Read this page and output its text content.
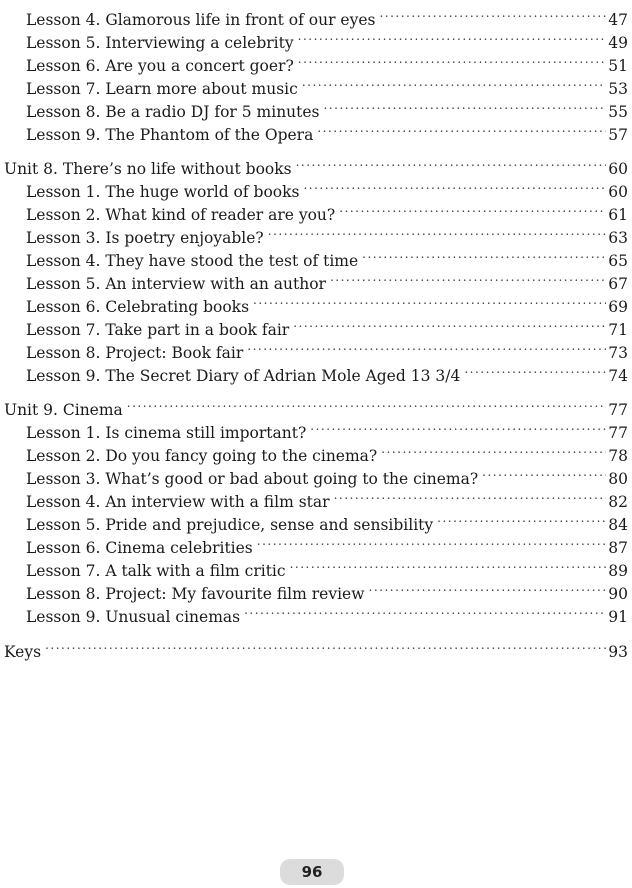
Lesson 4. Glamorous life in front of our eyes .....	47
Lesson 5. Interviewing a celebrity .....	49
Lesson 6. Are you a concert goer? .....	51
Lesson 7. Learn more about music .....	53
Lesson 8. Be a radio DJ for 5 minutes .....	55
Lesson 9. The Phantom of the Opera .....	57
Unit 8. There’s no life without books .....	60
Lesson 1. The huge world of books .....	60
Lesson 2. What kind of reader are you? .....	61
Lesson 3. Is poetry enjoyable? .....	63
Lesson 4. They have stood the test of time .....	65
Lesson 5. An interview with an author .....	67
Lesson 6. Celebrating books .....	69
Lesson 7. Take part in a book fair .....	71
Lesson 8. Project: Book fair .....	73
Lesson 9. The Secret Diary of Adrian Mole Aged 13 3/4 .....	74
Unit 9. Cinema .....	77
Lesson 1. Is cinema still important? .....	77
Lesson 2. Do you fancy going to the cinema? .....	78
Lesson 3. What’s good or bad about going to the cinema? .....	80
Lesson 4. An interview with a film star .....	82
Lesson 5. Pride and prejudice, sense and sensibility .....	84
Lesson 6. Cinema celebrities .....	87
Lesson 7. A talk with a film critic .....	89
Lesson 8. Project: My favourite film review .....	90
Lesson 9. Unusual cinemas .....	91
Keys .....	93
96
